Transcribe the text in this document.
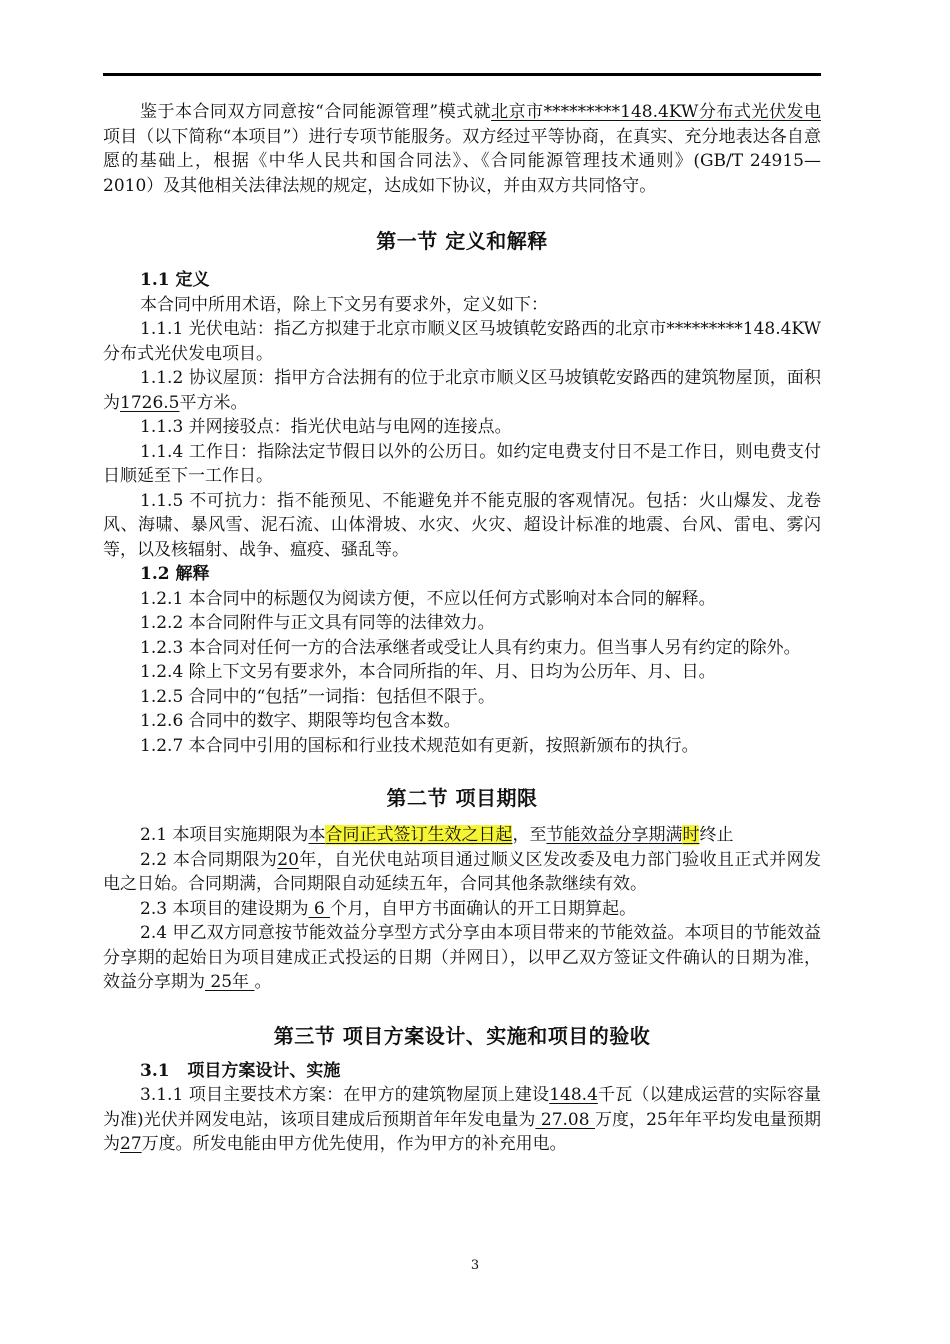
鉴于本合同双方同意按“合同能源管理”模式就北京市*********148.4KW分布式光伏发电项目（以下简称“本项目”）进行专项节能服务。双方经过平等协商，在真实、充分地表达各自意愿的基础上，根据《中华人民共和国合同法》、《合同能源管理技术通则》(GB/T 24915—2010）及其他相关法律法规的规定，达成如下协议，并由双方共同恪守。

第一节 定义和解释

1.1 定义

本合同中所用术语，除上下文另有要求外，定义如下：

1.1.1 光伏电站：指乙方拟建于北京市顺义区马坡镇乾安路西的北京市*********148.4KW分布式光伏发电项目。

1.1.2 协议屋顶：指甲方合法拥有的位于北京市顺义区马坡镇乾安路西的建筑物屋顶，面积为1726.5平方米。

1.1.3 并网接驳点：指光伏电站与电网的连接点。

1.1.4 工作日：指除法定节假日以外的公历日。如约定电费支付日不是工作日，则电费支付日顺延至下一工作日。

1.1.5 不可抗力：指不能预见、不能避免并不能克服的客观情况。包括：火山爆发、龙卷风、海啸、暴风雪、泥石流、山体滑坡、水灾、火灾、超设计标准的地震、台风、雷电、雾闪等，以及核辐射、战争、瘟疫、骚乱等。

1.2 解释

1.2.1 本合同中的标题仅为阅读方便，不应以任何方式影响对本合同的解释。

1.2.2 本合同附件与正文具有同等的法律效力。

1.2.3 本合同对任何一方的合法承继者或受让人具有约束力。但当事人另有约定的除外。

1.2.4 除上下文另有要求外，本合同所指的年、月、日均为公历年、月、日。

1.2.5 合同中的“包括”一词指：包括但不限于。

1.2.6 合同中的数字、期限等均包含本数。

1.2.7 本合同中引用的国标和行业技术规范如有更新，按照新颁布的执行。

第二节 项目期限

2.1 本项目实施期限为本合同正式签订生效之日起，至节能效益分享期满时终止

2.2 本合同期限为20年，自光伏电站项目通过顺义区发改委及电力部门验收且正式并网发电之日始。合同期满，合同期限自动延续五年，合同其他条款继续有效。

2.3 本项目的建设期为 6 个月，自甲方书面确认的开工日期算起。

2.4 甲乙双方同意按节能效益分享型方式分享由本项目带来的节能效益。本项目的节能效益分享期的起始日为项目建成正式投运的日期（并网日），以甲乙双方签证文件确认的日期为准，效益分享期为 25年 。

第三节 项目方案设计、实施和项目的验收

3.1   项目方案设计、实施

3.1.1 项目主要技术方案：在甲方的建筑物屋顶上建设148.4千瓦（以建成运营的实际容量为准)光伏并网发电站，该项目建成后预期首年年发电量为 27.08 万度，25年年平均发电量预期为27万度。所发电能由甲方优先使用，作为甲方的补充用电。

3
